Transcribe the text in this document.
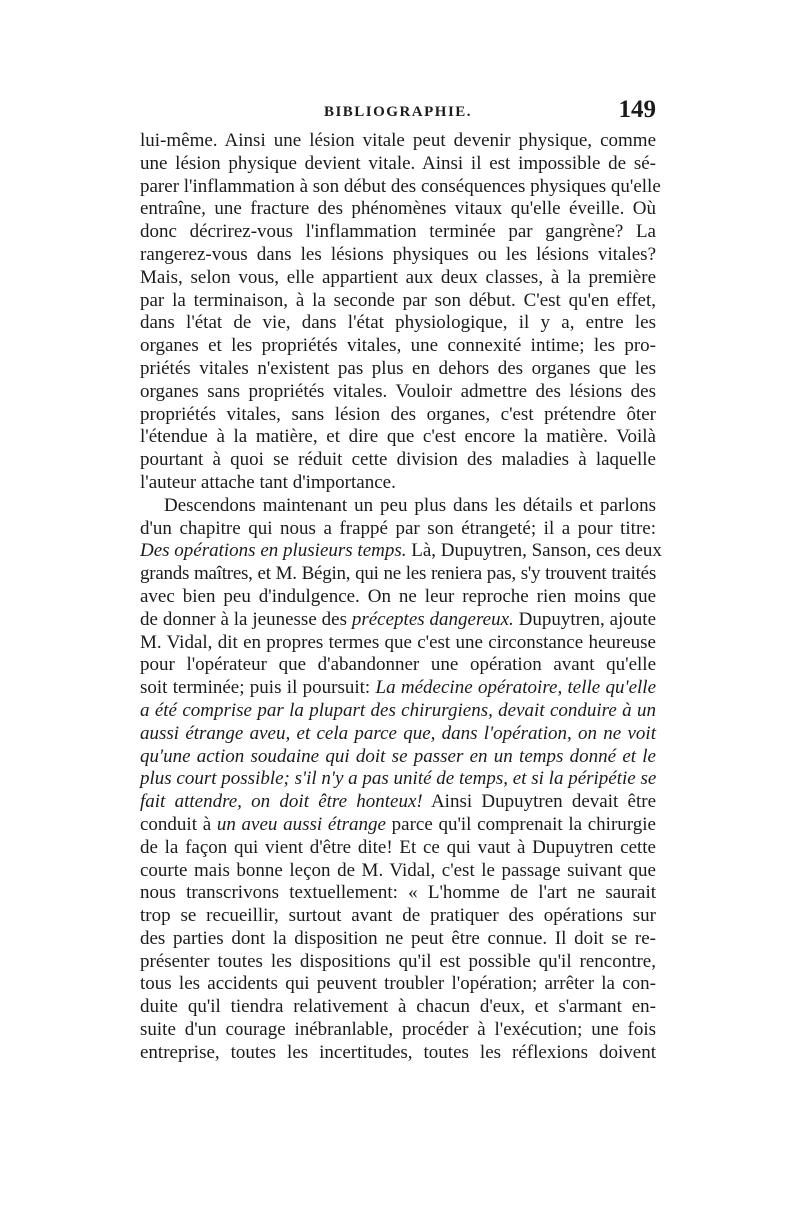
BIBLIOGRAPHIE.	149
lui-même. Ainsi une lésion vitale peut devenir physique, comme
une lésion physique devient vitale. Ainsi il est impossible de sé-
parer l'inflammation à son début des conséquences physiques qu'elle
entraîne, une fracture des phénomènes vitaux qu'elle éveille. Où
donc décrirez-vous l'inflammation terminée par gangrène? La
rangerez-vous dans les lésions physiques ou les lésions vitales?
Mais, selon vous, elle appartient aux deux classes, à la première
par la terminaison, à la seconde par son début. C'est qu'en effet,
dans l'état de vie, dans l'état physiologique, il y a, entre les
organes et les propriétés vitales, une connexité intime; les pro-
priétés vitales n'existent pas plus en dehors des organes que les
organes sans propriétés vitales. Vouloir admettre des lésions des
propriétés vitales, sans lésion des organes, c'est prétendre ôter
l'étendue à la matière, et dire que c'est encore la matière. Voilà
pourtant à quoi se réduit cette division des maladies à laquelle
l'auteur attache tant d'importance.
Descendons maintenant un peu plus dans les détails et parlons
d'un chapitre qui nous a frappé par son étrangeté; il a pour titre:
Des opérations en plusieurs temps. Là, Dupuytren, Sanson, ces deux
grands maîtres, et M. Bégin, qui ne les reniera pas, s'y trouvent traités
avec bien peu d'indulgence. On ne leur reproche rien moins que
de donner à la jeunesse des préceptes dangereux. Dupuytren, ajoute
M. Vidal, dit en propres termes que c'est une circonstance heureuse
pour l'opérateur que d'abandonner une opération avant qu'elle
soit terminée; puis il poursuit: La médecine opératoire, telle qu'elle
a été comprise par la plupart des chirurgiens, devait conduire à un
aussi étrange aveu, et cela parce que, dans l'opération, on ne voit
qu'une action soudaine qui doit se passer en un temps donné et le
plus court possible; s'il n'y a pas unité de temps, et si la péripétie se
fait attendre, on doit être honteux! Ainsi Dupuytren devait être
conduit à un aveu aussi étrange parce qu'il comprenait la chirurgie
de la façon qui vient d'être dite! Et ce qui vaut à Dupuytren cette
courte mais bonne leçon de M. Vidal, c'est le passage suivant que
nous transcrivons textuellement: « L'homme de l'art ne saurait
trop se recueillir, surtout avant de pratiquer des opérations sur
des parties dont la disposition ne peut être connue. Il doit se re-
présenter toutes les dispositions qu'il est possible qu'il rencontre,
tous les accidents qui peuvent troubler l'opération; arrêter la con-
duite qu'il tiendra relativement à chacun d'eux, et s'armant en-
suite d'un courage inébranlable, procéder à l'exécution; une fois
entreprise, toutes les incertitudes, toutes les réflexions doivent
